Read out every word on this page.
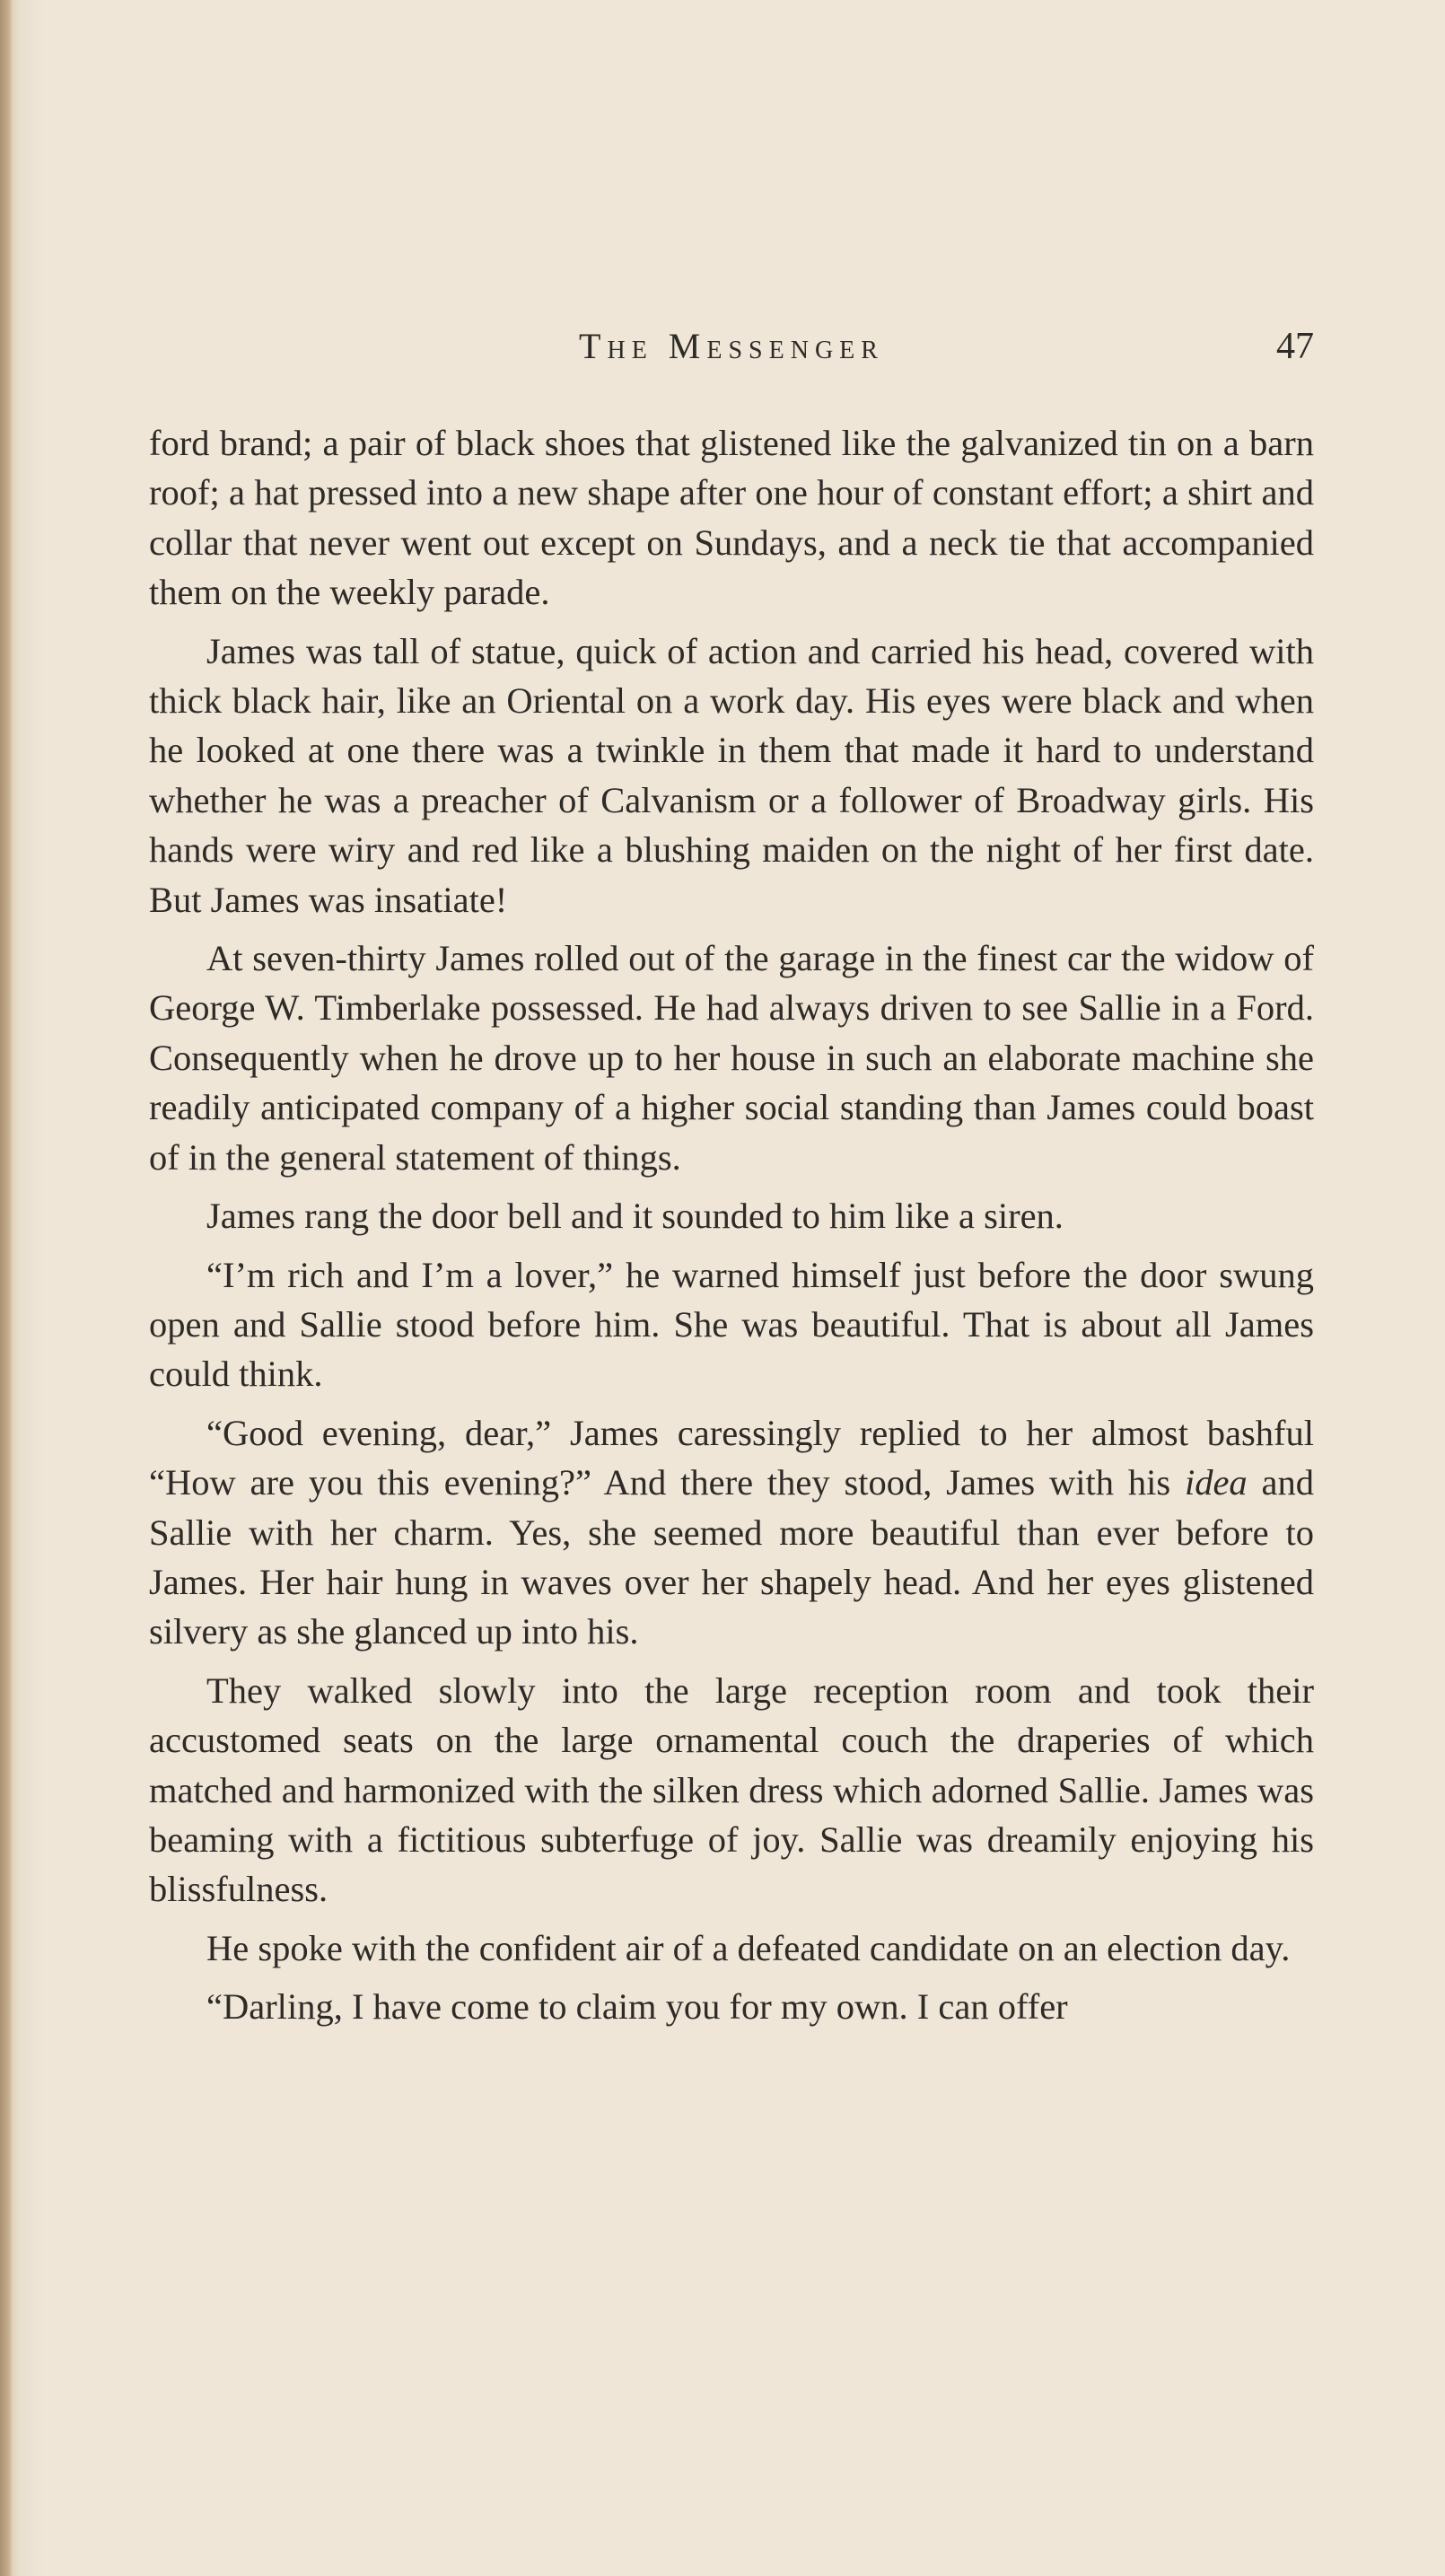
The Messenger	47

ford brand; a pair of black shoes that glistened like the galvanized tin on a barn roof; a hat pressed into a new shape after one hour of constant effort; a shirt and collar that never went out except on Sundays, and a neck tie that accompanied them on the weekly parade.

James was tall of statue, quick of action and carried his head, covered with thick black hair, like an Oriental on a work day. His eyes were black and when he looked at one there was a twinkle in them that made it hard to understand whether he was a preacher of Calvanism or a follower of Broadway girls. His hands were wiry and red like a blushing maiden on the night of her first date. But James was insatiate!

At seven-thirty James rolled out of the garage in the finest car the widow of George W. Timberlake possessed. He had always driven to see Sallie in a Ford. Consequently when he drove up to her house in such an elaborate machine she readily anticipated company of a higher social standing than James could boast of in the general statement of things.

James rang the door bell and it sounded to him like a siren.

“I’m rich and I’m a lover,” he warned himself just before the door swung open and Sallie stood before him. She was beautiful. That is about all James could think.

“Good evening, dear,” James caressingly replied to her almost bashful “How are you this evening?” And there they stood, James with his idea and Sallie with her charm. Yes, she seemed more beautiful than ever before to James. Her hair hung in waves over her shapely head. And her eyes glistened silvery as she glanced up into his.

They walked slowly into the large reception room and took their accustomed seats on the large ornamental couch the draperies of which matched and harmonized with the silken dress which adorned Sallie. James was beaming with a fictitious subterfuge of joy. Sallie was dreamily enjoying his blissfulness.

He spoke with the confident air of a defeated candidate on an election day.

“Darling, I have come to claim you for my own. I can offer
